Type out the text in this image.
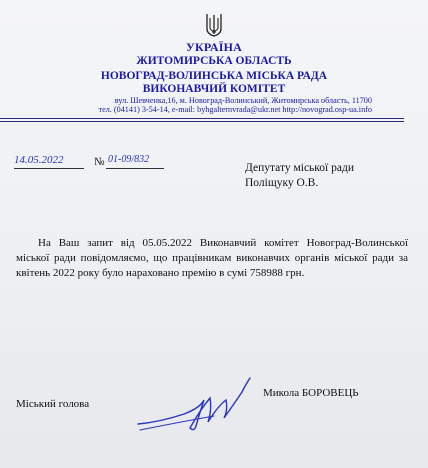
УКРАЇНА
ЖИТОМИРСЬКА ОБЛАСТЬ
НОВОГРАД-ВОЛИНСЬКА МІСЬКА РАДА
ВИКОНАВЧИЙ КОМІТЕТ
вул. Шевченка,16, м. Новоград-Волинський, Житомирська область, 11700
тел. (04141) 3-54-14, e-mail: byhgalternvrada@ukr.net http://novograd.osp-ua.info
14.05.2022	№ 01-09/832
Депутату міської ради
Поліщуку О.В.
На Ваш запит від 05.05.2022 Виконавчий комітет Новоград-Волинської міської ради повідомляємо, що працівникам виконавчих органів міської ради за квітень 2022 року було нараховано премію в сумі 758988 грн.
Міський голова
Микола БОРОВЕЦЬ
